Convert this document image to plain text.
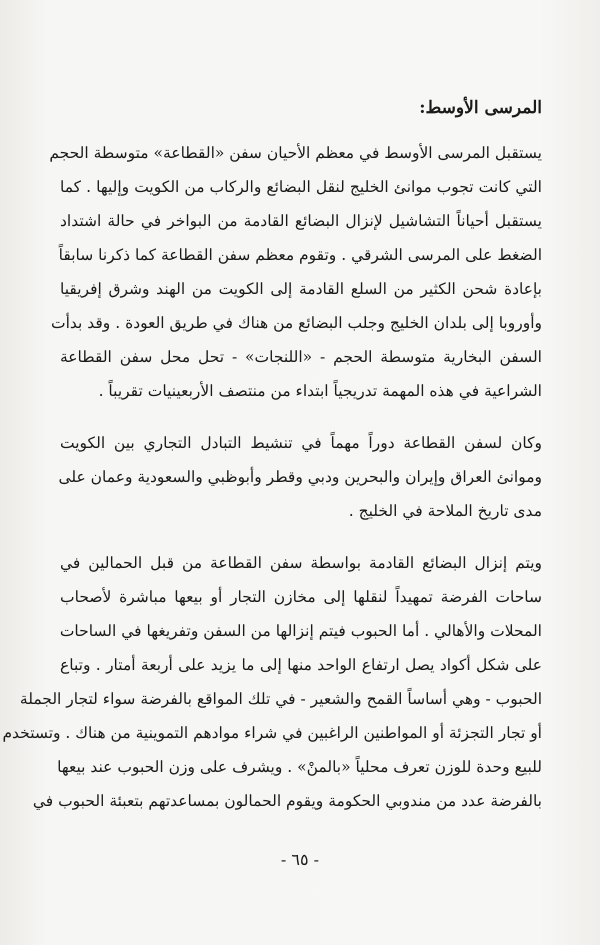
المرسى الأوسط:
يستقبل المرسى الأوسط في معظم الأحيان سفن «القطاعة» متوسطة الحجم
التي كانت تجوب موانئ الخليج لنقل البضائع والركاب من الكويت وإليها . كما
يستقبل أحياناً التشاشيل لإنزال البضائع القادمة من البواخر في حالة اشتداد
الضغط على المرسى الشرقي . وتقوم معظم سفن القطاعة كما ذكرنا سابقاً
بإعادة شحن الكثير من السلع القادمة إلى الكويت من الهند وشرق إفريقيا
وأوروبا إلى بلدان الخليج وجلب البضائع من هناك في طريق العودة . وقد بدأت
السفن البخارية متوسطة الحجم - «اللنجات» - تحل محل سفن القطاعة
الشراعية في هذه المهمة تدريجياً ابتداء من منتصف الأربعينيات تقريباً .
وكان لسفن القطاعة دوراً مهماً في تنشيط التبادل التجاري بين الكويت
وموانئ العراق وإيران والبحرين ودبي وقطر وأبوظبي والسعودية وعمان على
مدى تاريخ الملاحة في الخليج .
ويتم إنزال البضائع القادمة بواسطة سفن القطاعة من قبل الحمالين في
ساحات الفرضة تمهيداً لنقلها إلى مخازن التجار أو بيعها مباشرة لأصحاب
المحلات والأهالي . أما الحبوب فيتم إنزالها من السفن وتفريغها في الساحات
على شكل أكواد يصل ارتفاع الواحد منها إلى ما يزيد على أربعة أمتار . وتباع
الحبوب - وهي أساساً القمح والشعير - في تلك المواقع بالفرضة سواء لتجار الجملة
أو تجار التجزئة أو المواطنين الراغبين في شراء موادهم التموينية من هناك . وتستخدم
للبيع وحدة للوزن تعرف محلياً «بالمنْ» . ويشرف على وزن الحبوب عند بيعها
بالفرضة عدد من مندوبي الحكومة ويقوم الحمالون بمساعدتهم بتعبئة الحبوب في
- ٦٥ -
